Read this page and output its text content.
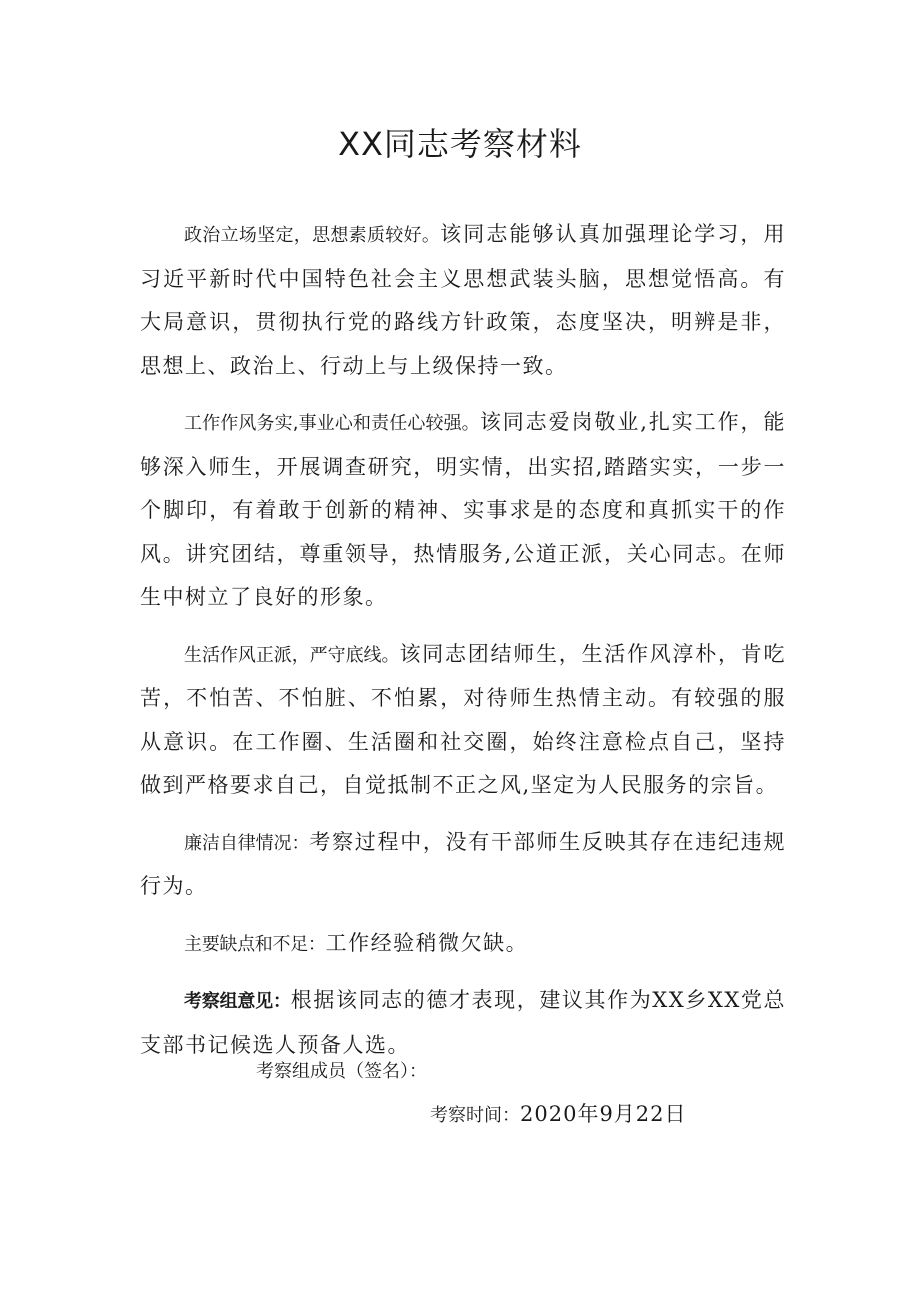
XX同志考察材料

政治立场坚定，思想素质较好。该同志能够认真加强理论学习，用习近平新时代中国特色社会主义思想武装头脑，思想觉悟高。有大局意识，贯彻执行党的路线方针政策，态度坚决，明辨是非，思想上、政治上、行动上与上级保持一致。

工作作风务实,事业心和责任心较强。该同志爱岗敬业,扎实工作，能够深入师生，开展调查研究，明实情，出实招,踏踏实实，一步一个脚印，有着敢于创新的精神、实事求是的态度和真抓实干的作风。讲究团结，尊重领导，热情服务,公道正派，关心同志。在师生中树立了良好的形象。

生活作风正派，严守底线。该同志团结师生，生活作风淳朴，肯吃苦，不怕苦、不怕脏、不怕累，对待师生热情主动。有较强的服从意识。在工作圈、生活圈和社交圈，始终注意检点自己，坚持做到严格要求自己，自觉抵制不正之风,坚定为人民服务的宗旨。

廉洁自律情况：考察过程中，没有干部师生反映其存在违纪违规行为。

主要缺点和不足：工作经验稍微欠缺。

考察组意见：根据该同志的德才表现，建议其作为XX乡XX党总支部书记候选人预备人选。

考察组成员（签名）：
考察时间：2020年9月22日
